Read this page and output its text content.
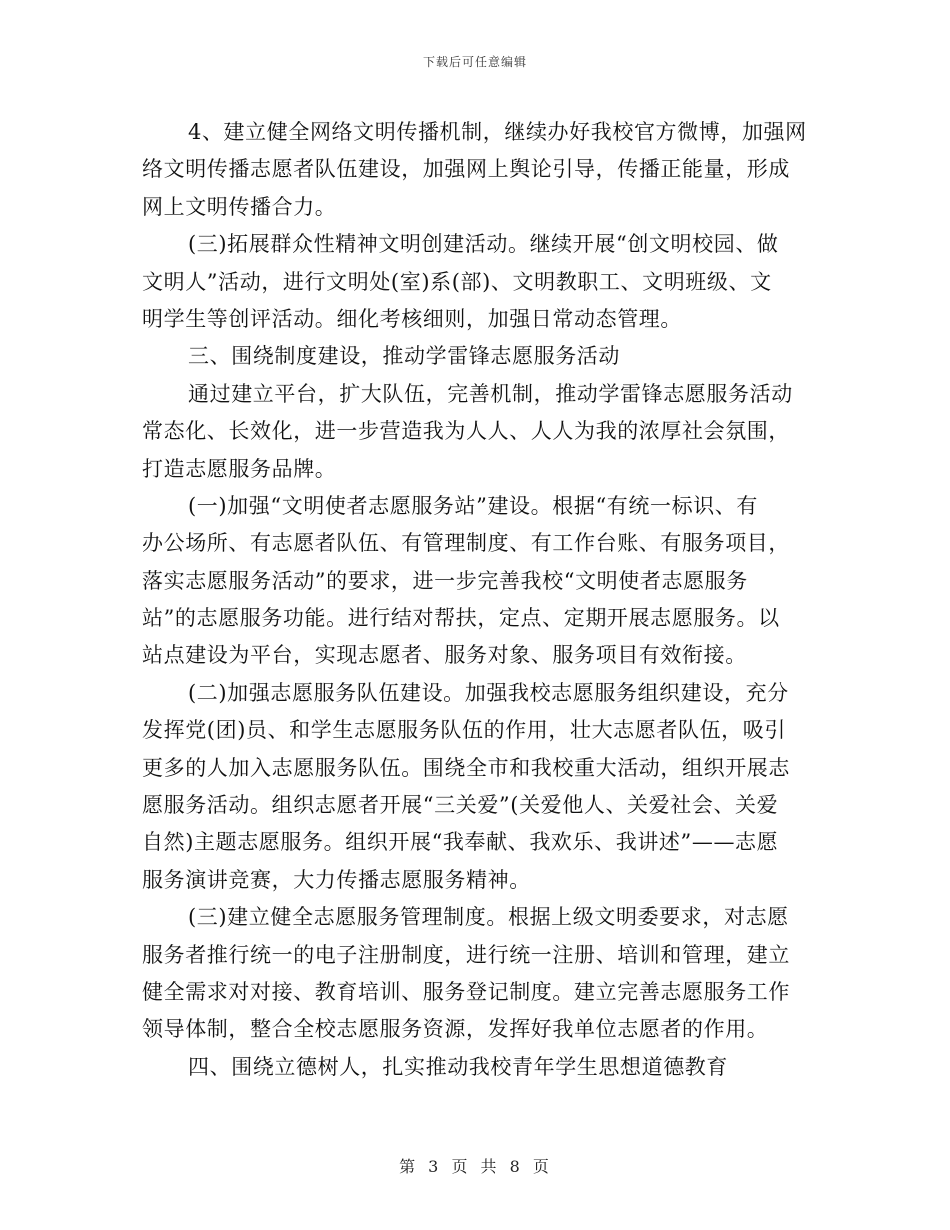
下载后可任意编辑
4、建立健全网络文明传播机制，继续办好我校官方微博，加强网
络文明传播志愿者队伍建设，加强网上舆论引导，传播正能量，形成
网上文明传播合力。
(三)拓展群众性精神文明创建活动。继续开展“创文明校园、做
文明人”活动，进行文明处(室)系(部)、文明教职工、文明班级、文
明学生等创评活动。细化考核细则，加强日常动态管理。
三、围绕制度建设，推动学雷锋志愿服务活动
通过建立平台，扩大队伍，完善机制，推动学雷锋志愿服务活动
常态化、长效化，进一步营造我为人人、人人为我的浓厚社会氛围，
打造志愿服务品牌。
(一)加强“文明使者志愿服务站”建设。根据“有统一标识、有
办公场所、有志愿者队伍、有管理制度、有工作台账、有服务项目，
落实志愿服务活动”的要求，进一步完善我校“文明使者志愿服务
站”的志愿服务功能。进行结对帮扶，定点、定期开展志愿服务。以
站点建设为平台，实现志愿者、服务对象、服务项目有效衔接。
(二)加强志愿服务队伍建设。加强我校志愿服务组织建设，充分
发挥党(团)员、和学生志愿服务队伍的作用，壮大志愿者队伍，吸引
更多的人加入志愿服务队伍。围绕全市和我校重大活动，组织开展志
愿服务活动。组织志愿者开展“三关爱”(关爱他人、关爱社会、关爱
自然)主题志愿服务。组织开展“我奉献、我欢乐、我讲述”——志愿
服务演讲竞赛，大力传播志愿服务精神。
(三)建立健全志愿服务管理制度。根据上级文明委要求，对志愿
服务者推行统一的电子注册制度，进行统一注册、培训和管理，建立
健全需求对对接、教育培训、服务登记制度。建立完善志愿服务工作
领导体制，整合全校志愿服务资源，发挥好我单位志愿者的作用。
四、围绕立德树人，扎实推动我校青年学生思想道德教育
第 3 页 共 8 页
